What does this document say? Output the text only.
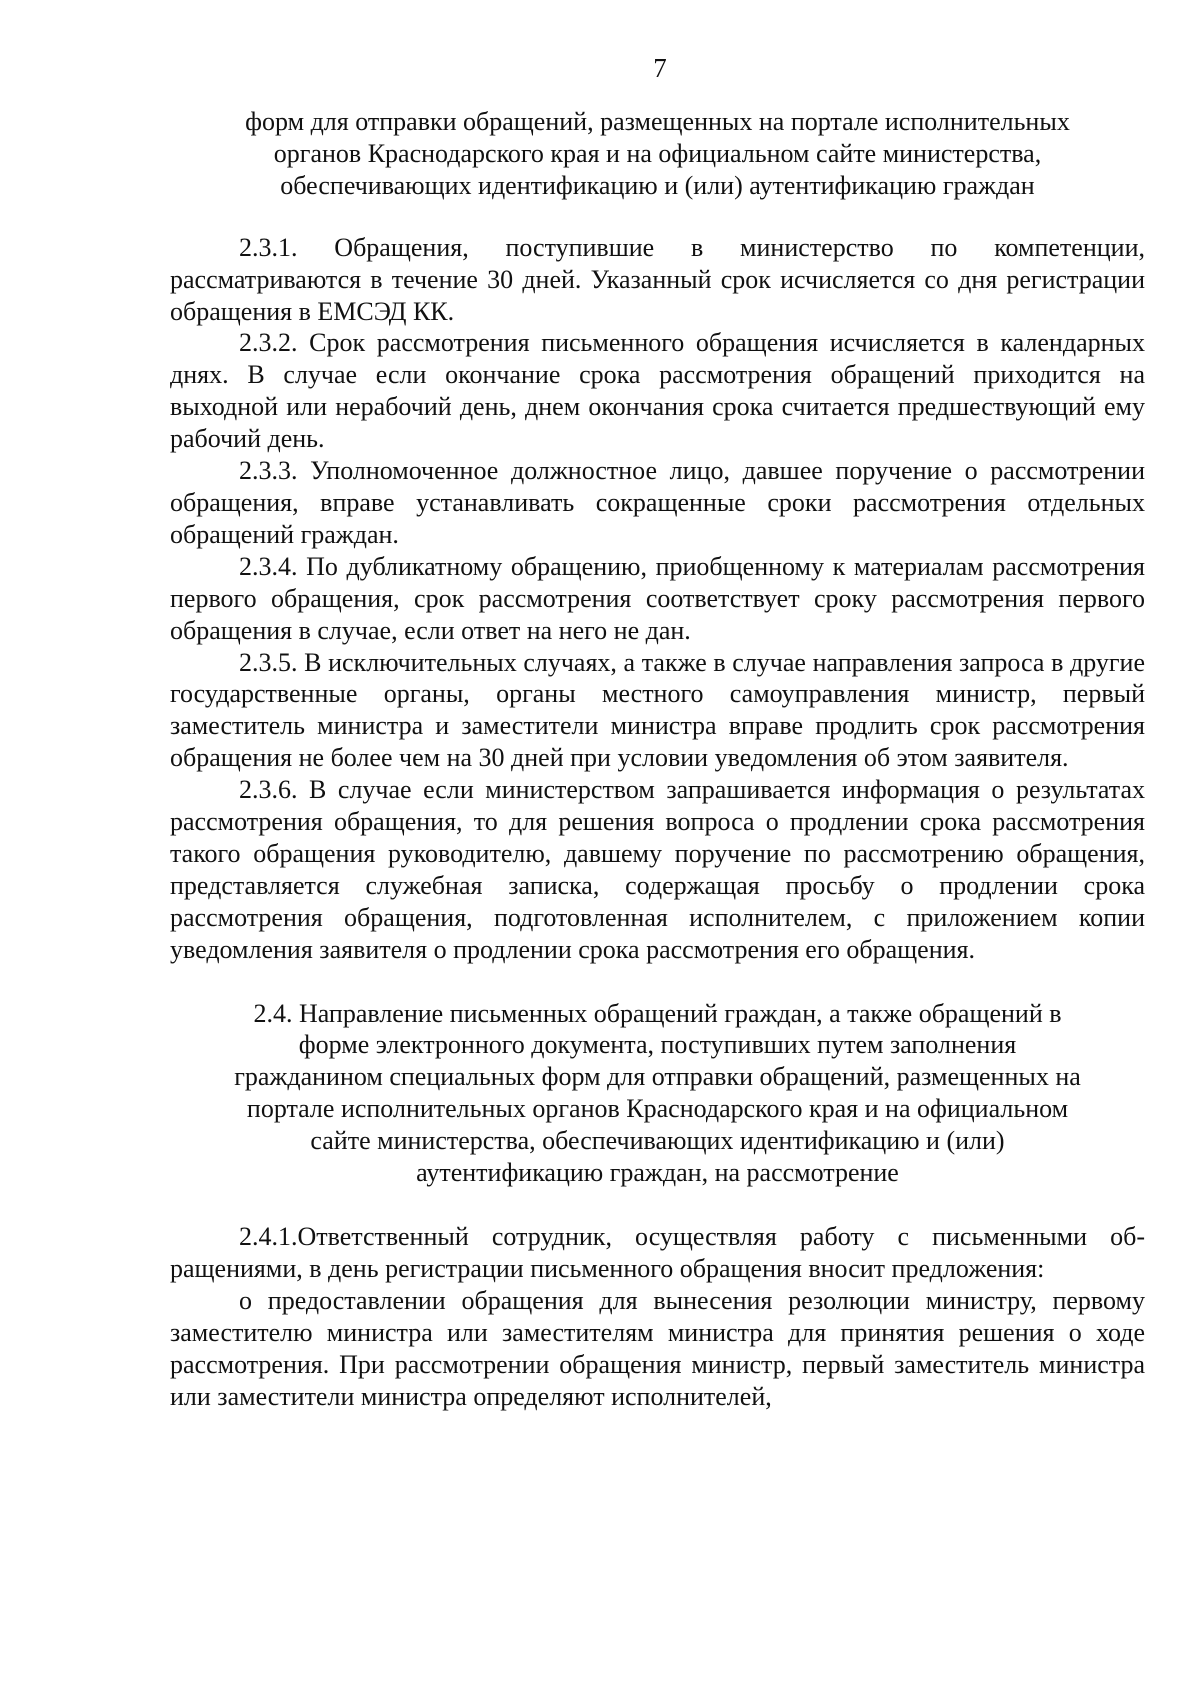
7

форм для отправки обращений, размещенных на портале исполнительных органов Краснодарского края и на официальном сайте министерства, обеспечивающих идентификацию и (или) аутентификацию граждан

2.3.1. Обращения, поступившие в министерство по компетенции, рассматриваются в течение 30 дней. Указанный срок исчисляется со дня регистрации обращения в ЕМСЭД КК.

2.3.2. Срок рассмотрения письменного обращения исчисляется в календарных днях. В случае если окончание срока рассмотрения обращений приходится на выходной или нерабочий день, днем окончания срока считается предшествующий ему рабочий день.

2.3.3. Уполномоченное должностное лицо, давшее поручение о рассмотрении обращения, вправе устанавливать сокращенные сроки рассмотрения отдельных обращений граждан.

2.3.4. По дубликатному обращению, приобщенному к материалам рассмотрения первого обращения, срок рассмотрения соответствует сроку рассмотрения первого обращения в случае, если ответ на него не дан.

2.3.5. В исключительных случаях, а также в случае направления запроса в другие государственные органы, органы местного самоуправления министр, первый заместитель министра и заместители министра вправе продлить срок рассмотрения обращения не более чем на 30 дней при условии уведомления об этом заявителя.

2.3.6. В случае если министерством запрашивается информация о результатах рассмотрения обращения, то для решения вопроса о продлении срока рассмотрения такого обращения руководителю, давшему поручение по рассмотрению обращения, представляется служебная записка, содержащая просьбу о продлении срока рассмотрения обращения, подготовленная исполнителем, с приложением копии уведомления заявителя о продлении срока рассмотрения его обращения.

2.4. Направление письменных обращений граждан, а также обращений в форме электронного документа, поступивших путем заполнения гражданином специальных форм для отправки обращений, размещенных на портале исполнительных органов Краснодарского края и на официальном сайте министерства, обеспечивающих идентификацию и (или) аутентификацию граждан, на рассмотрение

2.4.1.Ответственный сотрудник, осуществляя работу с письменными обращениями, в день регистрации письменного обращения вносит предложения:

о предоставлении обращения для вынесения резолюции министру, первому заместителю министра или заместителям министра для принятия решения о ходе рассмотрения. При рассмотрении обращения министр, первый заместитель министра или заместители министра определяют исполнителей,
